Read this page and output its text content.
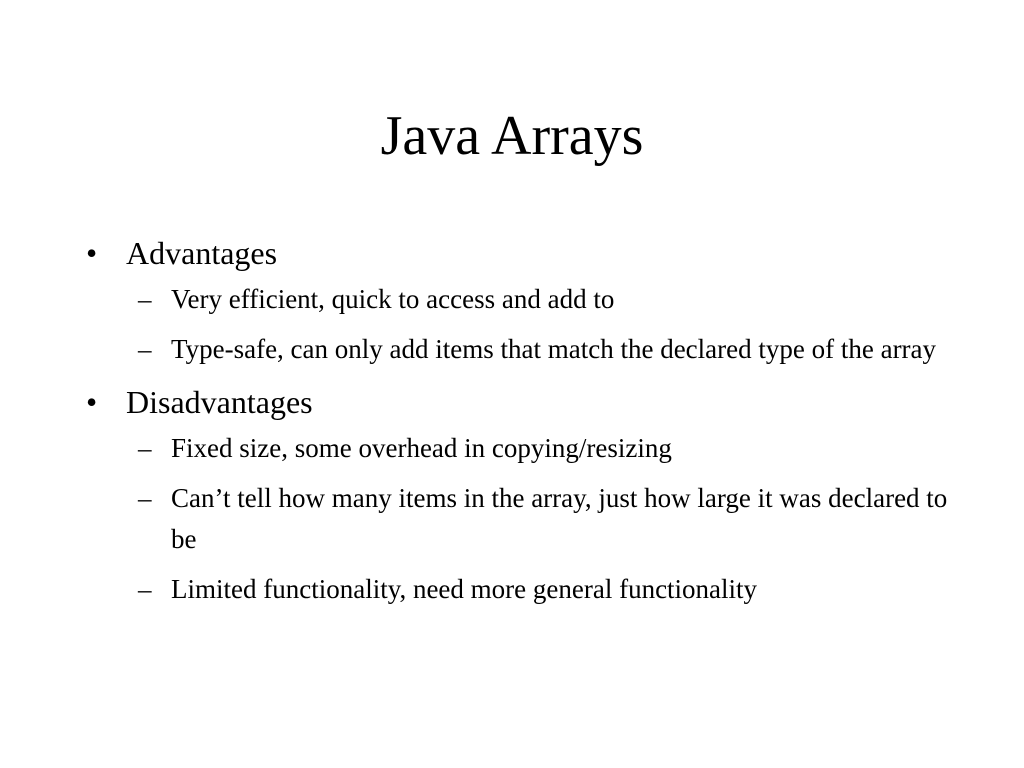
Java Arrays
• Advantages
– Very efficient, quick to access and add to
– Type-safe, can only add items that match the declared type of the array
• Disadvantages
– Fixed size, some overhead in copying/resizing
– Can’t tell how many items in the array, just how large it was declared to be
– Limited functionality, need more general functionality
